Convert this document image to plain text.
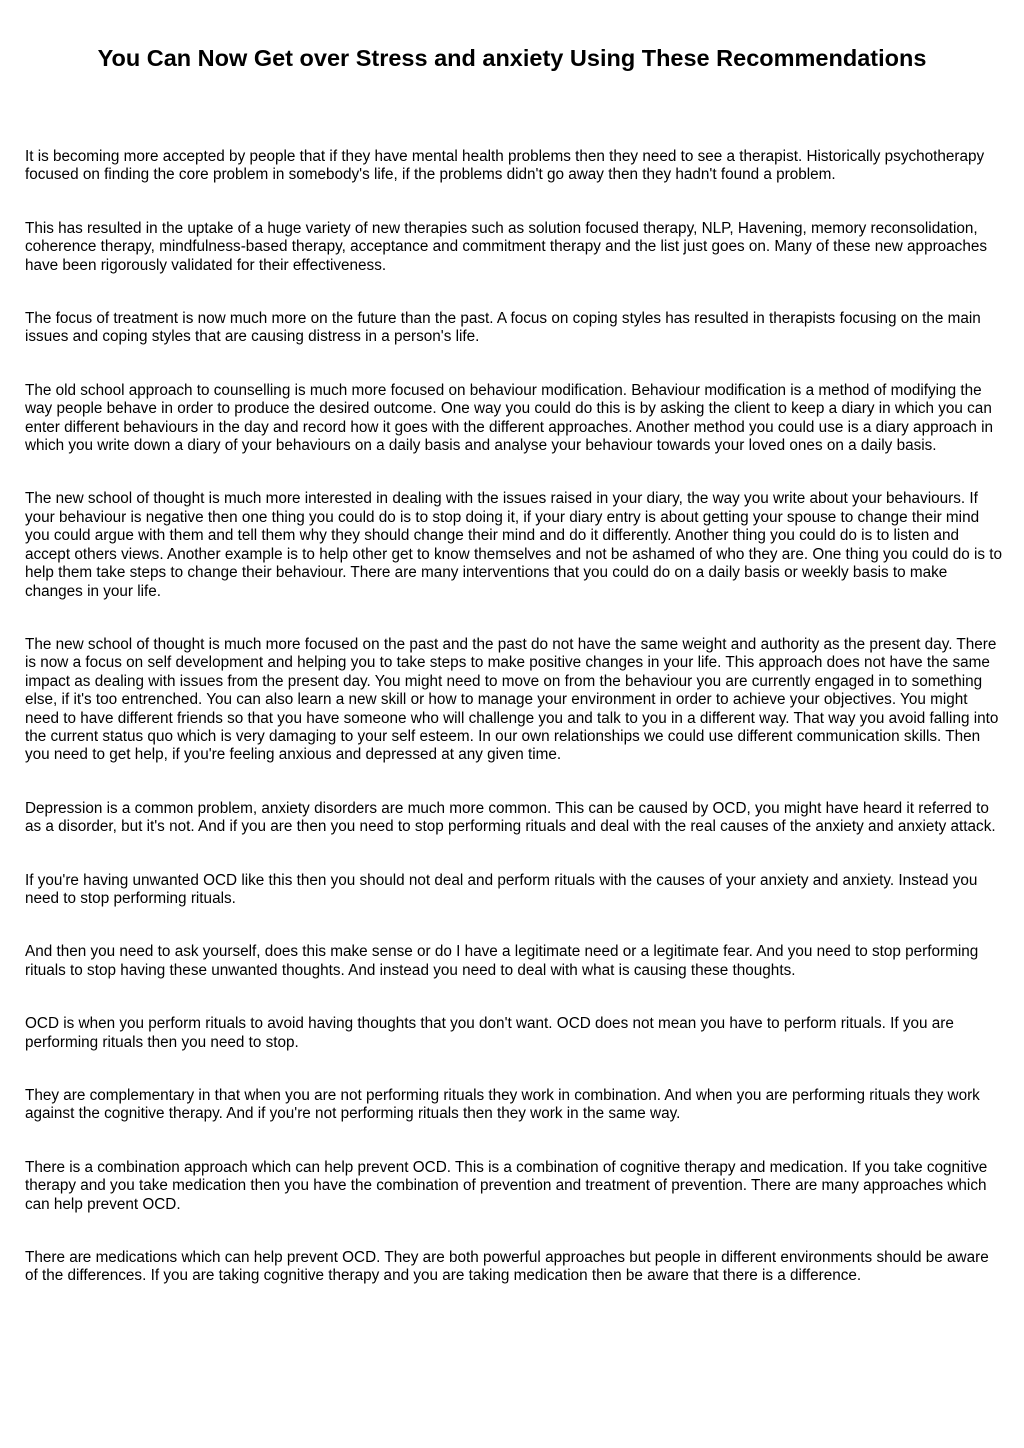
You Can Now Get over Stress and anxiety Using These Recommendations

It is becoming more accepted by people that if they have mental health problems then they need to see a therapist. Historically psychotherapy focused on finding the core problem in somebody's life, if the problems didn't go away then they hadn't found a problem.

This has resulted in the uptake of a huge variety of new therapies such as solution focused therapy, NLP, Havening, memory reconsolidation, coherence therapy, mindfulness-based therapy, acceptance and commitment therapy and the list just goes on. Many of these new approaches have been rigorously validated for their effectiveness.

The focus of treatment is now much more on the future than the past. A focus on coping styles has resulted in therapists focusing on the main issues and coping styles that are causing distress in a person's life.

The old school approach to counselling is much more focused on behaviour modification. Behaviour modification is a method of modifying the way people behave in order to produce the desired outcome. One way you could do this is by asking the client to keep a diary in which you can enter different behaviours in the day and record how it goes with the different approaches. Another method you could use is a diary approach in which you write down a diary of your behaviours on a daily basis and analyse your behaviour towards your loved ones on a daily basis.

The new school of thought is much more interested in dealing with the issues raised in your diary, the way you write about your behaviours. If your behaviour is negative then one thing you could do is to stop doing it, if your diary entry is about getting your spouse to change their mind you could argue with them and tell them why they should change their mind and do it differently. Another thing you could do is to listen and accept others views. Another example is to help other get to know themselves and not be ashamed of who they are. One thing you could do is to help them take steps to change their behaviour. There are many interventions that you could do on a daily basis or weekly basis to make changes in your life.

The new school of thought is much more focused on the past and the past do not have the same weight and authority as the present day. There is now a focus on self development and helping you to take steps to make positive changes in your life. This approach does not have the same impact as dealing with issues from the present day. You might need to move on from the behaviour you are currently engaged in to something else, if it's too entrenched. You can also learn a new skill or how to manage your environment in order to achieve your objectives. You might need to have different friends so that you have someone who will challenge you and talk to you in a different way. That way you avoid falling into the current status quo which is very damaging to your self esteem. In our own relationships we could use different communication skills. Then you need to get help, if you're feeling anxious and depressed at any given time.

Depression is a common problem, anxiety disorders are much more common. This can be caused by OCD, you might have heard it referred to as a disorder, but it's not. And if you are then you need to stop performing rituals and deal with the real causes of the anxiety and anxiety attack.

If you're having unwanted OCD like this then you should not deal and perform rituals with the causes of your anxiety and anxiety. Instead you need to stop performing rituals.

And then you need to ask yourself, does this make sense or do I have a legitimate need or a legitimate fear. And you need to stop performing rituals to stop having these unwanted thoughts. And instead you need to deal with what is causing these thoughts.

OCD is when you perform rituals to avoid having thoughts that you don't want. OCD does not mean you have to perform rituals. If you are performing rituals then you need to stop.

They are complementary in that when you are not performing rituals they work in combination. And when you are performing rituals they work against the cognitive therapy. And if you're not performing rituals then they work in the same way.

There is a combination approach which can help prevent OCD. This is a combination of cognitive therapy and medication. If you take cognitive therapy and you take medication then you have the combination of prevention and treatment of prevention. There are many approaches which can help prevent OCD.

There are medications which can help prevent OCD. They are both powerful approaches but people in different environments should be aware of the differences. If you are taking cognitive therapy and you are taking medication then be aware that there is a difference.
